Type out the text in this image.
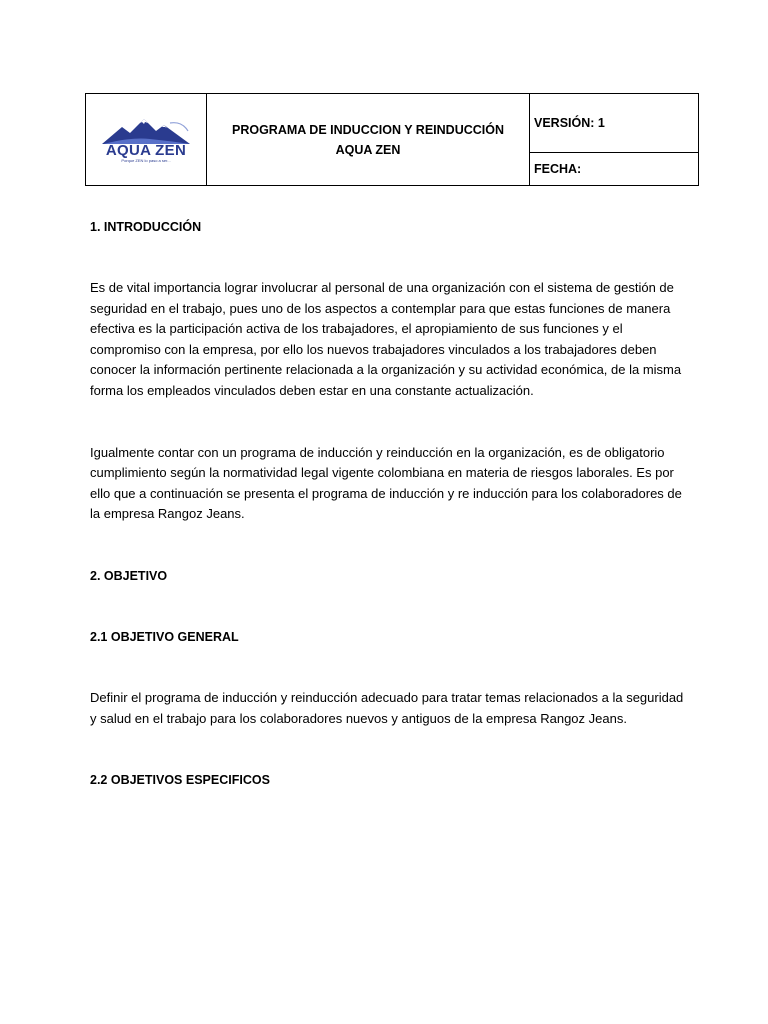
AQUA ZEN
Porque ZEN lo paso a ser...
	PROGRAMA DE INDUCCION Y REINDUCCIÓN AQUA ZEN	VERSIÓN: 1
FECHA:

1. INTRODUCCIÓN

Es de vital importancia lograr involucrar al personal de una organización con el sistema de gestión de seguridad en el trabajo, pues uno de los aspectos a contemplar para que estas funciones de manera efectiva es la participación activa de los trabajadores, el apropiamiento de sus funciones y el compromiso con la empresa, por ello los nuevos trabajadores vinculados a los trabajadores deben conocer la información pertinente relacionada a la organización y su actividad económica, de la misma forma los empleados vinculados deben estar en una constante actualización.

Igualmente contar con un programa de inducción y reinducción en la organización, es de obligatorio cumplimiento según la normatividad legal vigente colombiana en materia de riesgos laborales. Es por ello que a continuación se presenta el programa de inducción y re inducción para los colaboradores de la empresa Rangoz Jeans.

2. OBJETIVO

2.1 OBJETIVO GENERAL

Definir el programa de inducción y reinducción adecuado para tratar temas relacionados a la seguridad y salud en el trabajo para los colaboradores nuevos y antiguos de la empresa Rangoz Jeans.

2.2 OBJETIVOS ESPECIFICOS
